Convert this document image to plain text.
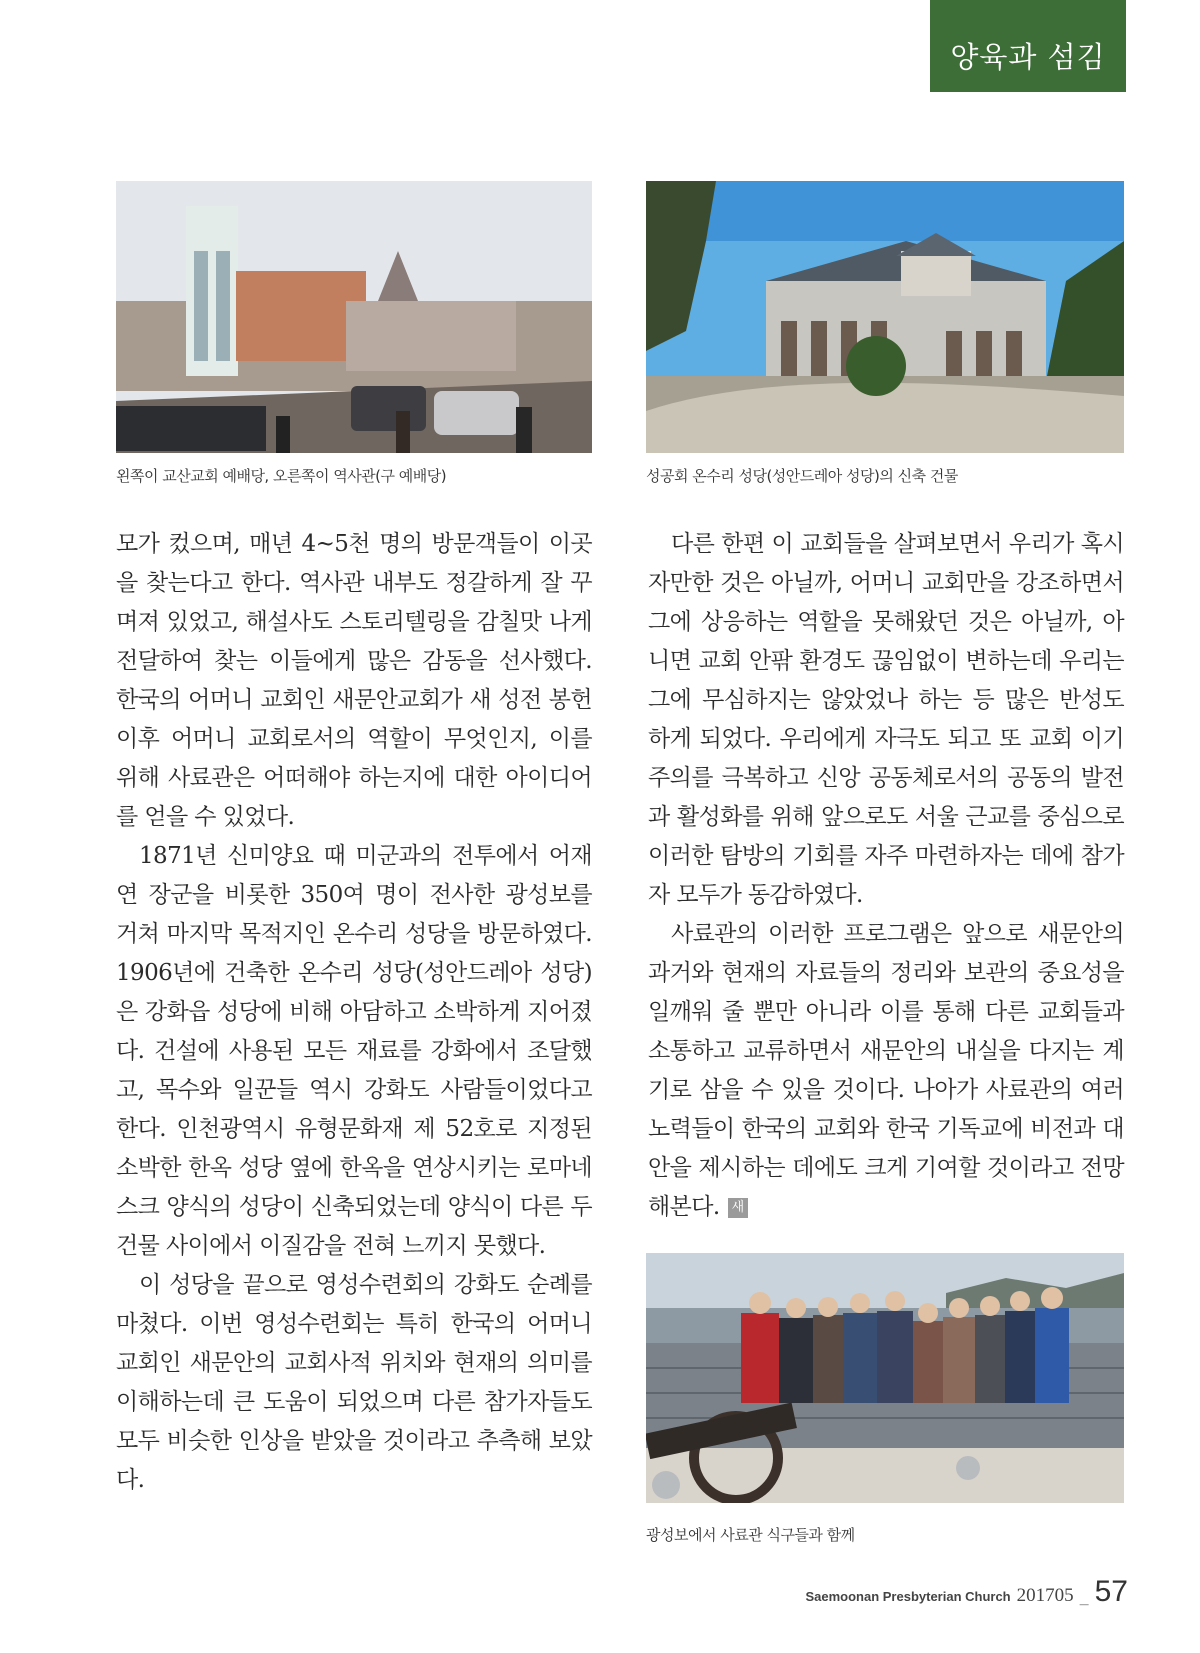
양육과 섬김
왼쪽이 교산교회 예배당, 오른쪽이 역사관(구 예배당)	성공회 온수리 성당(성안드레아 성당)의 신축 건물

모가 컸으며, 매년 4~5천 명의 방문객들이 이곳을 찾는다고 한다. 역사관 내부도 정갈하게 잘 꾸며져 있었고, 해설사도 스토리텔링을 감칠맛 나게 전달하여 찾는 이들에게 많은 감동을 선사했다. 한국의 어머니 교회인 새문안교회가 새 성전 봉헌 이후 어머니 교회로서의 역할이 무엇인지, 이를 위해 사료관은 어떠해야 하는지에 대한 아이디어를 얻을 수 있었다.

1871년 신미양요 때 미군과의 전투에서 어재연 장군을 비롯한 350여 명이 전사한 광성보를 거쳐 마지막 목적지인 온수리 성당을 방문하였다. 1906년에 건축한 온수리 성당(성안드레아 성당)은 강화읍 성당에 비해 아담하고 소박하게 지어졌다. 건설에 사용된 모든 재료를 강화에서 조달했고, 목수와 일꾼들 역시 강화도 사람들이었다고 한다. 인천광역시 유형문화재 제 52호로 지정된 소박한 한옥 성당 옆에 한옥을 연상시키는 로마네스크 양식의 성당이 신축되었는데 양식이 다른 두 건물 사이에서 이질감을 전혀 느끼지 못했다.

이 성당을 끝으로 영성수련회의 강화도 순례를 마쳤다. 이번 영성수련회는 특히 한국의 어머니 교회인 새문안의 교회사적 위치와 현재의 의미를 이해하는데 큰 도움이 되었으며 다른 참가자들도 모두 비슷한 인상을 받았을 것이라고 추측해 보았다.

다른 한편 이 교회들을 살펴보면서 우리가 혹시 자만한 것은 아닐까, 어머니 교회만을 강조하면서 그에 상응하는 역할을 못해왔던 것은 아닐까, 아니면 교회 안팎 환경도 끊임없이 변하는데 우리는 그에 무심하지는 않았었나 하는 등 많은 반성도 하게 되었다. 우리에게 자극도 되고 또 교회 이기주의를 극복하고 신앙 공동체로서의 공동의 발전과 활성화를 위해 앞으로도 서울 근교를 중심으로 이러한 탐방의 기회를 자주 마련하자는 데에 참가자 모두가 동감하였다.

사료관의 이러한 프로그램은 앞으로 새문안의 과거와 현재의 자료들의 정리와 보관의 중요성을 일깨워 줄 뿐만 아니라 이를 통해 다른 교회들과 소통하고 교류하면서 새문안의 내실을 다지는 계기로 삼을 수 있을 것이다. 나아가 사료관의 여러 노력들이 한국의 교회와 한국 기독교에 비전과 대안을 제시하는 데에도 크게 기여할 것이라고 전망해본다. 새

광성보에서 사료관 식구들과 함께
Saemoonan Presbyterian Church 201705 _ 57
